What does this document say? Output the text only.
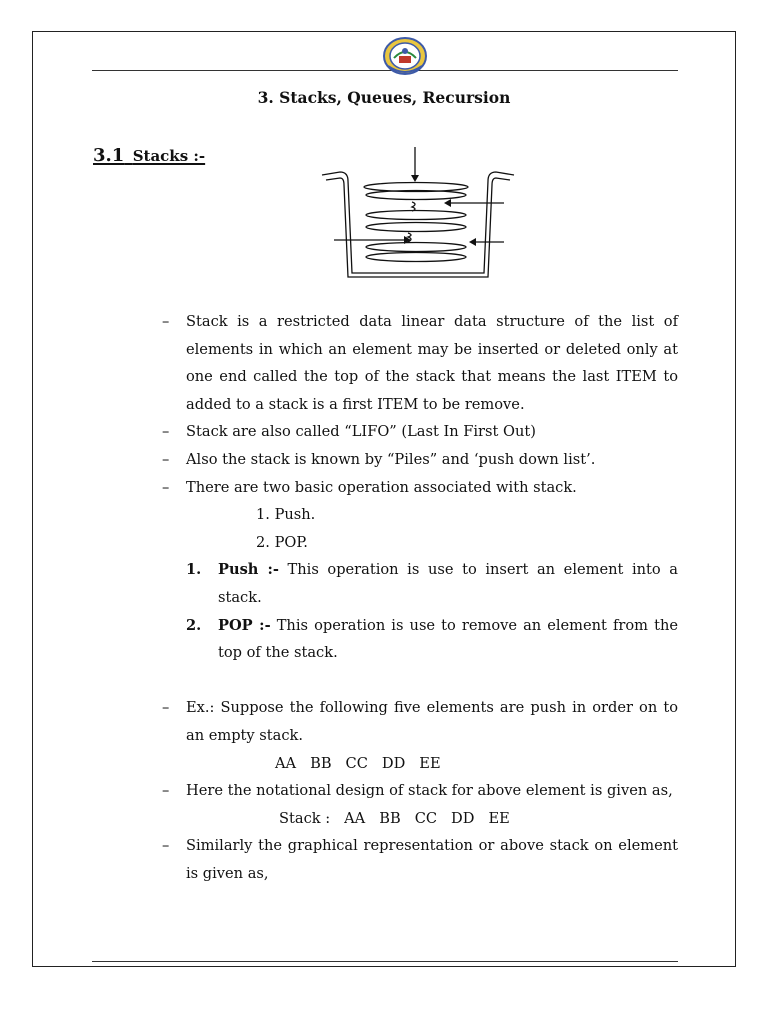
3. Stacks, Queues, Recursion
3.1 Stacks :-

– Stack is a restricted data linear data structure of the list of elements in which an element may be inserted or deleted only at one end called the top of the stack that means the last ITEM to added to a stack is a first ITEM to be remove.

– Stack are also called “LIFO” (Last In First Out)

– Also the stack is known by “Piles” and ‘push down list’.

– There are two basic operation associated with stack.

1. Push.

2. POP.

1.	Push :- This operation is use to insert an element into a stack.

2.	POP :- This operation is use to remove an element from the top of the stack.

– Ex.: Suppose the following five elements are push in order on to an empty stack.

AA BB CC DD EE

– Here the notational design of stack for above element is given as,

Stack : AA BB CC DD EE

– Similarly the graphical representation or above stack on element is given as,
